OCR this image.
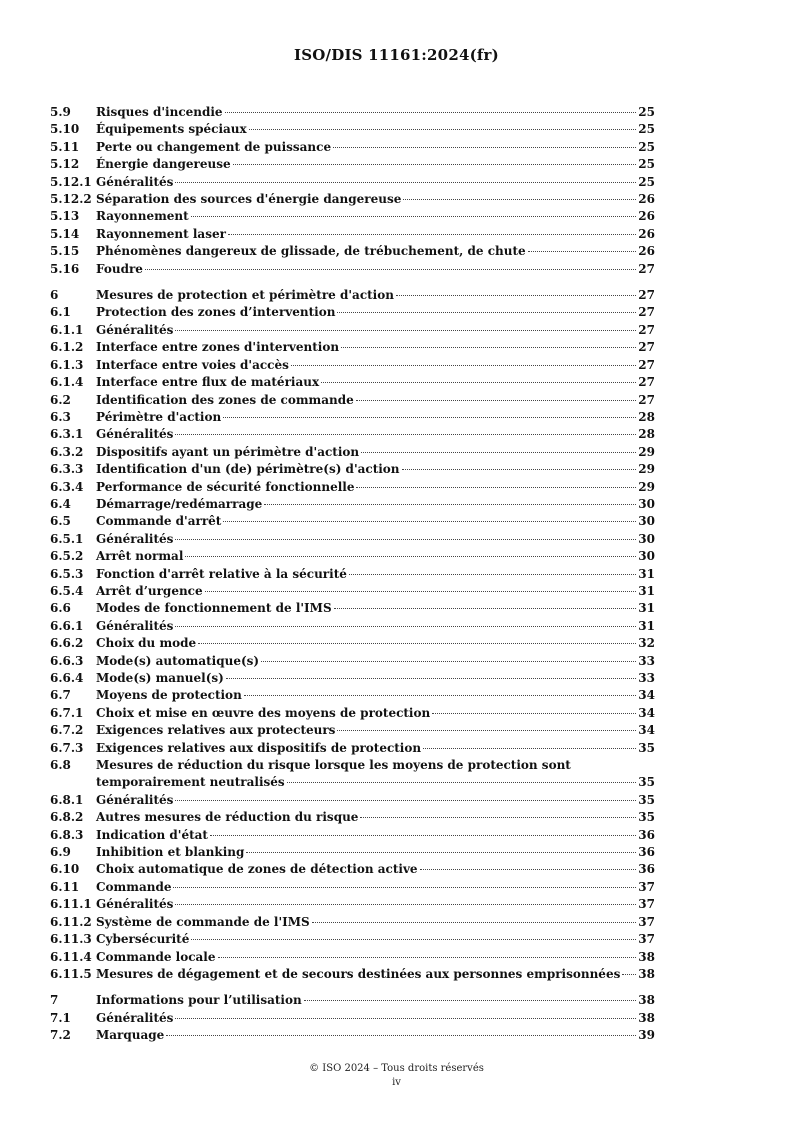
ISO/DIS 11161:2024(fr)
5.9	Risques d'incendie	25
5.10	Équipements spéciaux	25
5.11	Perte ou changement de puissance	25
5.12	Énergie dangereuse	25
5.12.1 Généralités	25
5.12.2 Séparation des sources d'énergie dangereuse	26
5.13	Rayonnement	26
5.14	Rayonnement laser	26
5.15	Phénomènes dangereux de glissade, de trébuchement, de chute	26
5.16	Foudre	27
6	Mesures de protection et périmètre d'action	27
6.1	Protection des zones d’intervention	27
6.1.1	Généralités	27
6.1.2	Interface entre zones d'intervention	27
6.1.3	Interface entre voies d'accès	27
6.1.4	Interface entre flux de matériaux	27
6.2	Identification des zones de commande	27
6.3	Périmètre d'action	28
6.3.1	Généralités	28
6.3.2	Dispositifs ayant un périmètre d'action	29
6.3.3	Identification d'un (de) périmètre(s) d'action	29
6.3.4	Performance de sécurité fonctionnelle	29
6.4	Démarrage/redémarrage	30
6.5	Commande d'arrêt	30
6.5.1	Généralités	30
6.5.2	Arrêt normal	30
6.5.3	Fonction d'arrêt relative à la sécurité	31
6.5.4	Arrêt d’urgence	31
6.6	Modes de fonctionnement de l'IMS	31
6.6.1	Généralités	31
6.6.2	Choix du mode	32
6.6.3	Mode(s) automatique(s)	33
6.6.4	Mode(s) manuel(s)	33
6.7	Moyens de protection	34
6.7.1	Choix et mise en œuvre des moyens de protection	34
6.7.2	Exigences relatives aux protecteurs	34
6.7.3	Exigences relatives aux dispositifs de protection	35
6.8	Mesures de réduction du risque lorsque les moyens de protection sont
temporairement neutralisés	35
6.8.1	Généralités	35
6.8.2	Autres mesures de réduction du risque	35
6.8.3	Indication d'état	36
6.9	Inhibition et blanking	36
6.10	Choix automatique de zones de détection active	36
6.11	Commande	37
6.11.1 Généralités	37
6.11.2 Système de commande de l'IMS	37
6.11.3 Cybersécurité	37
6.11.4 Commande locale	38
6.11.5 Mesures de dégagement et de secours destinées aux personnes emprisonnées 38
7	Informations pour l’utilisation	38
7.1	Généralités	38
7.2	Marquage	39
© ISO 2024 – Tous droits réservés
iv
